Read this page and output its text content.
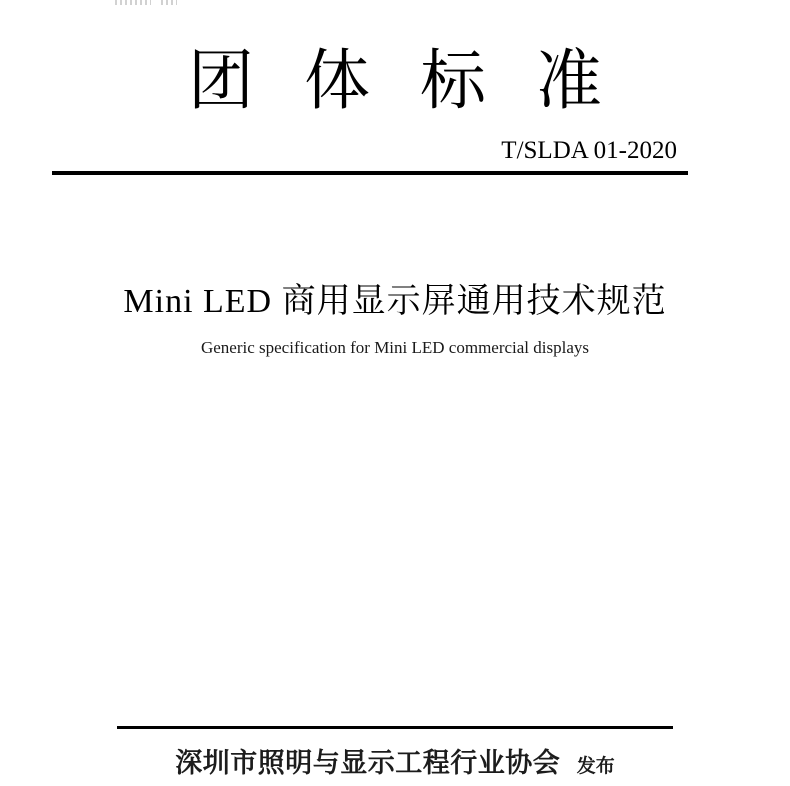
团体标准
T/SLDA 01-2020
Mini LED 商用显示屏通用技术规范
Generic specification for Mini LED commercial displays
深圳市照明与显示工程行业协会 发布
